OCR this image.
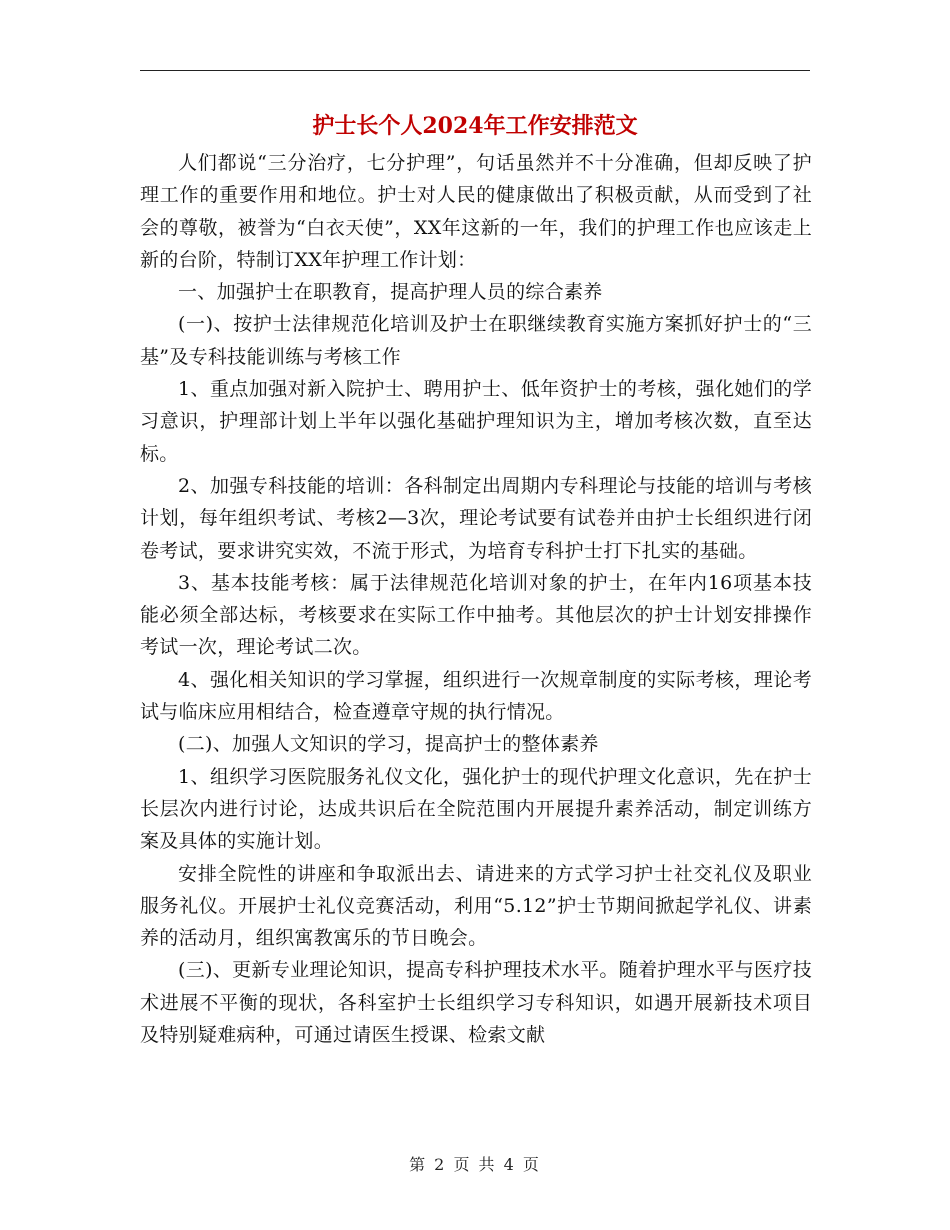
护士长个人2024年工作安排范文

人们都说“三分治疗，七分护理”，句话虽然并不十分准确，但却反映了护理工作的重要作用和地位。护士对人民的健康做出了积极贡献，从而受到了社会的尊敬，被誉为“白衣天使”，XX年这新的一年，我们的护理工作也应该走上新的台阶，特制订XX年护理工作计划：

一、加强护士在职教育，提高护理人员的综合素养

(一)、按护士法律规范化培训及护士在职继续教育实施方案抓好护士的“三基”及专科技能训练与考核工作

1、重点加强对新入院护士、聘用护士、低年资护士的考核，强化她们的学习意识，护理部计划上半年以强化基础护理知识为主，增加考核次数，直至达标。

2、加强专科技能的培训：各科制定出周期内专科理论与技能的培训与考核计划，每年组织考试、考核2—3次，理论考试要有试卷并由护士长组织进行闭卷考试，要求讲究实效，不流于形式，为培育专科护士打下扎实的基础。

3、基本技能考核：属于法律规范化培训对象的护士，在年内16项基本技能必须全部达标，考核要求在实际工作中抽考。其他层次的护士计划安排操作考试一次，理论考试二次。

4、强化相关知识的学习掌握，组织进行一次规章制度的实际考核，理论考试与临床应用相结合，检查遵章守规的执行情况。

(二)、加强人文知识的学习，提高护士的整体素养

1、组织学习医院服务礼仪文化，强化护士的现代护理文化意识，先在护士长层次内进行讨论，达成共识后在全院范围内开展提升素养活动，制定训练方案及具体的实施计划。

安排全院性的讲座和争取派出去、请进来的方式学习护士社交礼仪及职业服务礼仪。开展护士礼仪竞赛活动，利用“5.12”护士节期间掀起学礼仪、讲素养的活动月，组织寓教寓乐的节日晚会。

(三)、更新专业理论知识，提高专科护理技术水平。随着护理水平与医疗技术进展不平衡的现状，各科室护士长组织学习专科知识，如遇开展新技术项目及特别疑难病种，可通过请医生授课、检索文献

第 2 页 共 4 页
